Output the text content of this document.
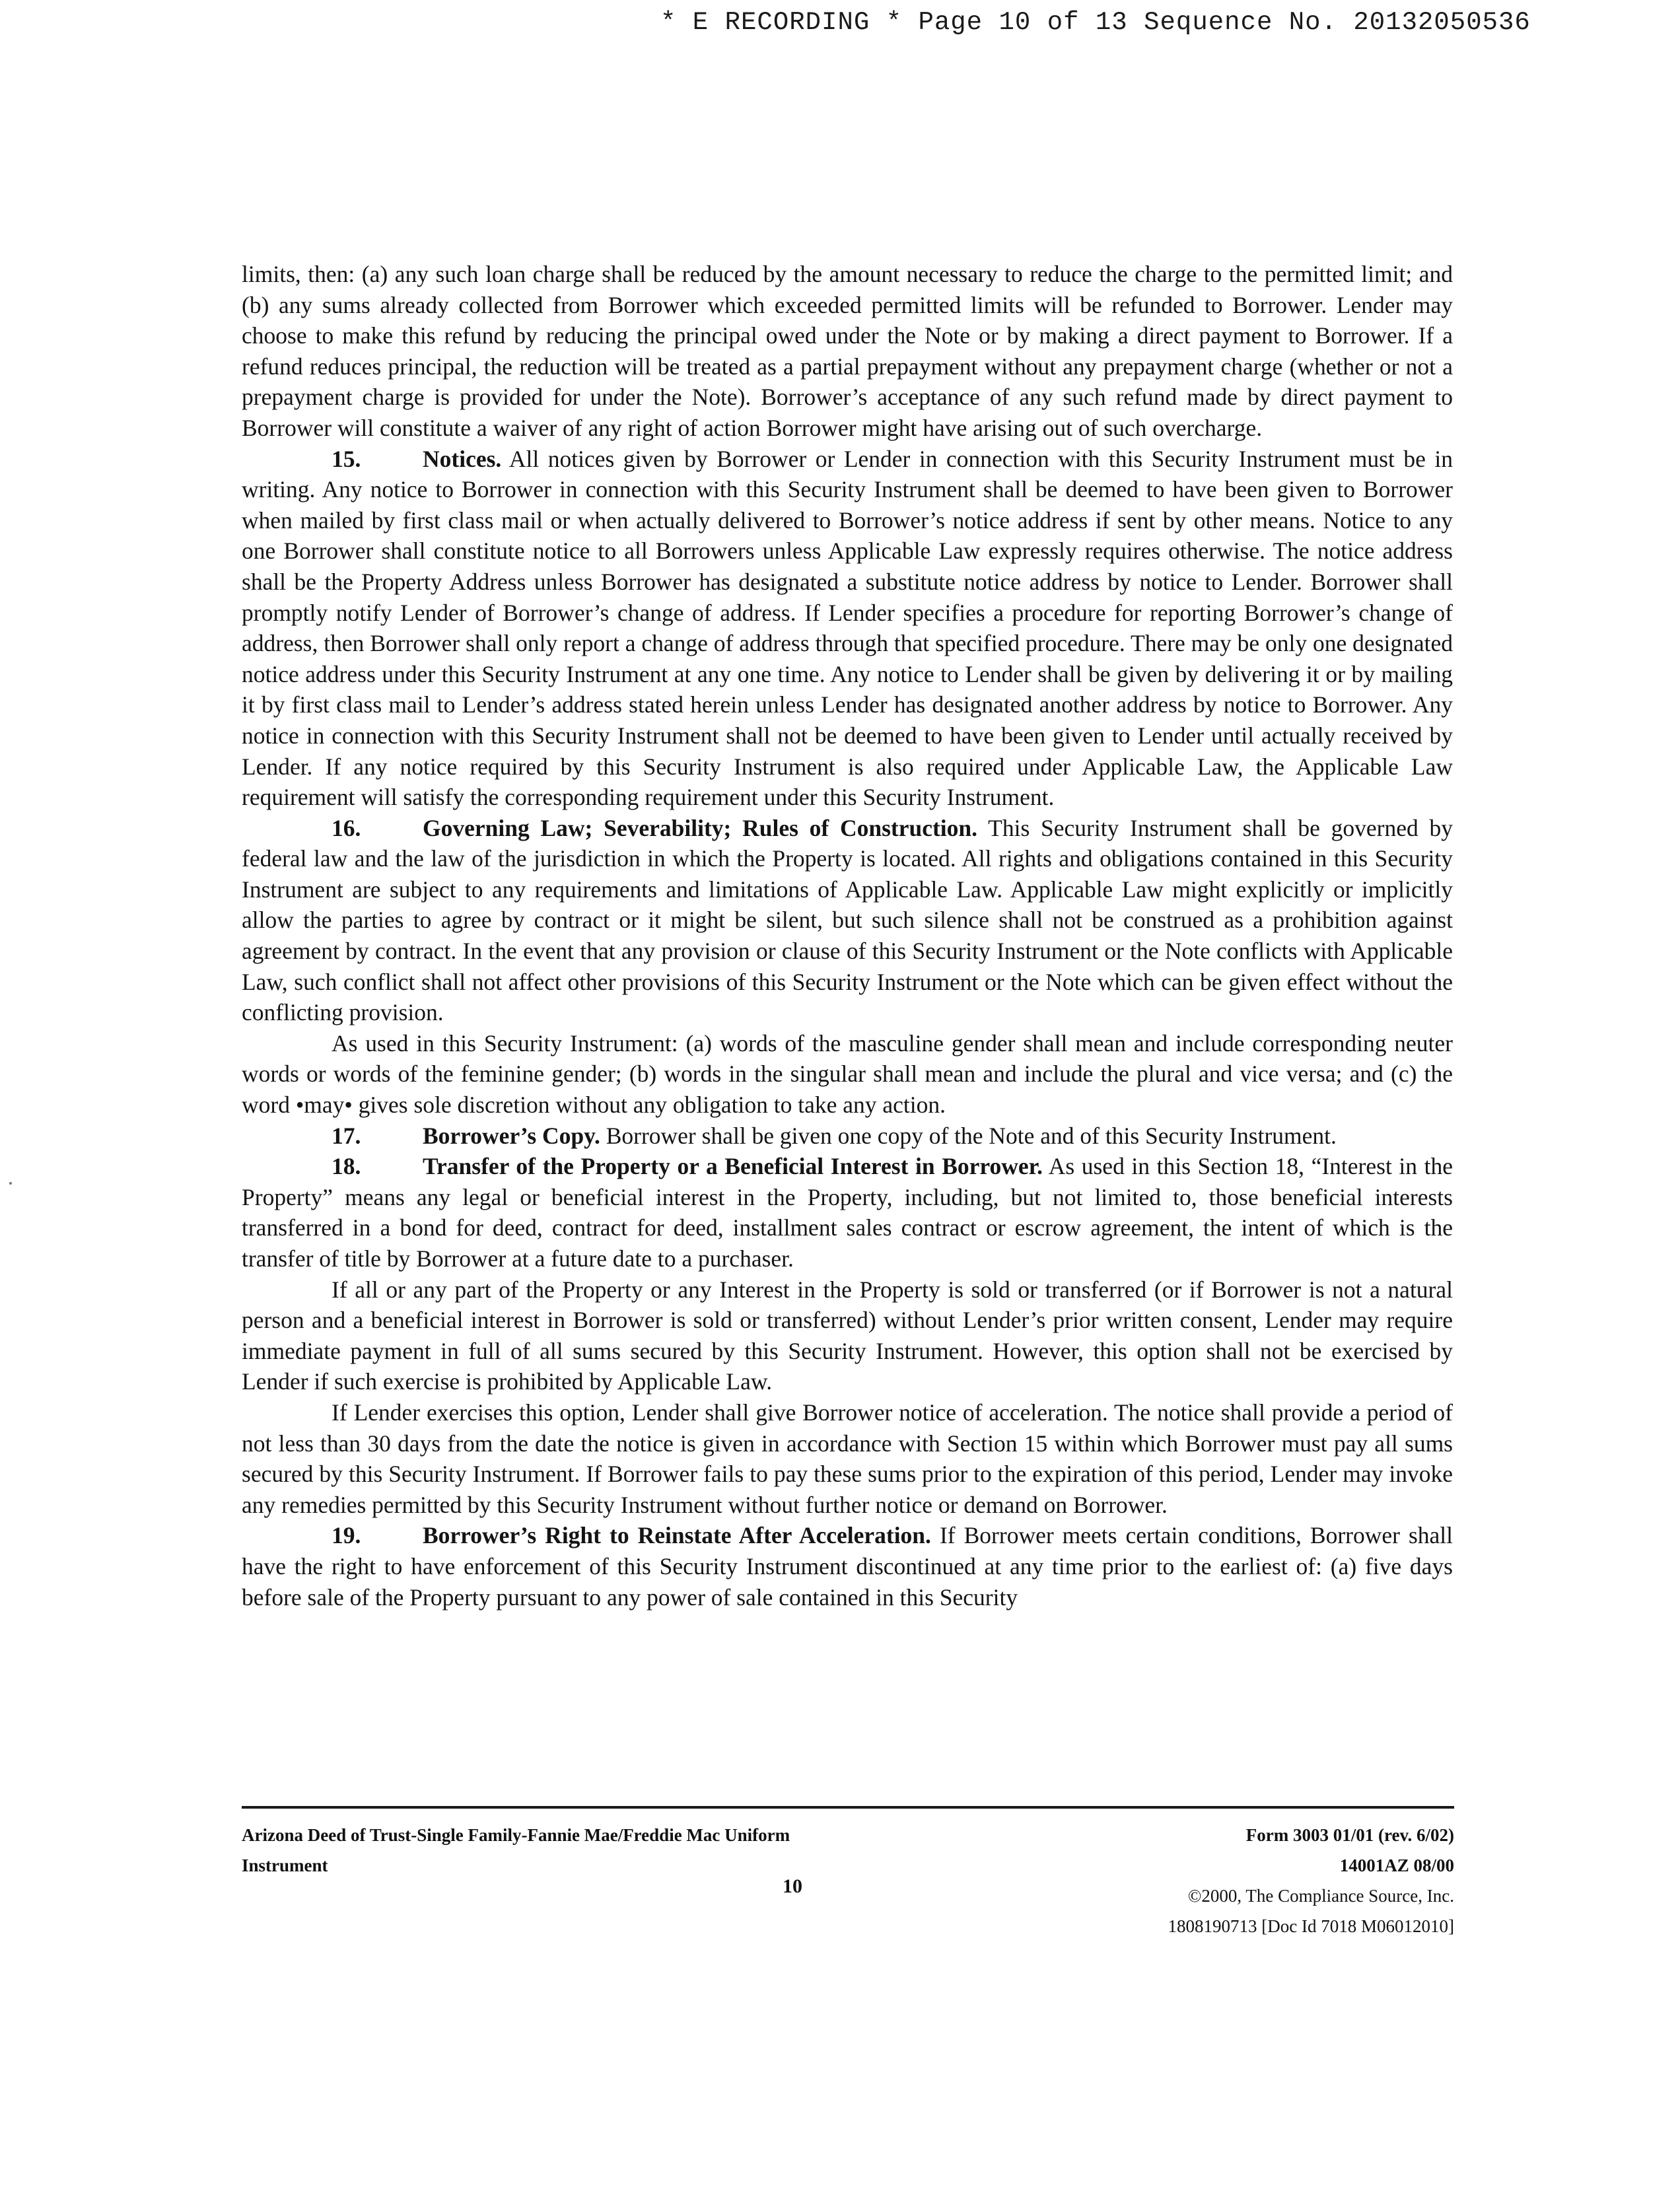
* E RECORDING * Page 10 of 13 Sequence No. 20132050536

limits, then: (a) any such loan charge shall be reduced by the amount necessary to reduce the charge to the permitted limit; and (b) any sums already collected from Borrower which exceeded permitted limits will be refunded to Borrower. Lender may choose to make this refund by reducing the principal owed under the Note or by making a direct payment to Borrower. If a refund reduces principal, the reduction will be treated as a partial prepayment without any prepayment charge (whether or not a prepayment charge is provided for under the Note). Borrower’s acceptance of any such refund made by direct payment to Borrower will constitute a waiver of any right of action Borrower might have arising out of such overcharge.

15.	Notices. All notices given by Borrower or Lender in connection with this Security Instrument must be in writing. Any notice to Borrower in connection with this Security Instrument shall be deemed to have been given to Borrower when mailed by first class mail or when actually delivered to Borrower’s notice address if sent by other means. Notice to any one Borrower shall constitute notice to all Borrowers unless Applicable Law expressly requires otherwise. The notice address shall be the Property Address unless Borrower has designated a substitute notice address by notice to Lender. Borrower shall promptly notify Lender of Borrower’s change of address. If Lender specifies a procedure for reporting Borrower’s change of address, then Borrower shall only report a change of address through that specified procedure. There may be only one designated notice address under this Security Instrument at any one time. Any notice to Lender shall be given by delivering it or by mailing it by first class mail to Lender’s address stated herein unless Lender has designated another address by notice to Borrower. Any notice in connection with this Security Instrument shall not be deemed to have been given to Lender until actually received by Lender. If any notice required by this Security Instrument is also required under Applicable Law, the Applicable Law requirement will satisfy the corresponding requirement under this Security Instrument.

16.	Governing Law; Severability; Rules of Construction. This Security Instrument shall be governed by federal law and the law of the jurisdiction in which the Property is located. All rights and obligations contained in this Security Instrument are subject to any requirements and limitations of Applicable Law. Applicable Law might explicitly or implicitly allow the parties to agree by contract or it might be silent, but such silence shall not be construed as a prohibition against agreement by contract. In the event that any provision or clause of this Security Instrument or the Note conflicts with Applicable Law, such conflict shall not affect other provisions of this Security Instrument or the Note which can be given effect without the conflicting provision.

As used in this Security Instrument: (a) words of the masculine gender shall mean and include corresponding neuter words or words of the feminine gender; (b) words in the singular shall mean and include the plural and vice versa; and (c) the word •may• gives sole discretion without any obligation to take any action.

17.	Borrower’s Copy. Borrower shall be given one copy of the Note and of this Security Instrument.

18.	Transfer of the Property or a Beneficial Interest in Borrower. As used in this Section 18, “Interest in the Property” means any legal or beneficial interest in the Property, including, but not limited to, those beneficial interests transferred in a bond for deed, contract for deed, installment sales contract or escrow agreement, the intent of which is the transfer of title by Borrower at a future date to a purchaser.

If all or any part of the Property or any Interest in the Property is sold or transferred (or if Borrower is not a natural person and a beneficial interest in Borrower is sold or transferred) without Lender’s prior written consent, Lender may require immediate payment in full of all sums secured by this Security Instrument. However, this option shall not be exercised by Lender if such exercise is prohibited by Applicable Law.

If Lender exercises this option, Lender shall give Borrower notice of acceleration. The notice shall provide a period of not less than 30 days from the date the notice is given in accordance with Section 15 within which Borrower must pay all sums secured by this Security Instrument. If Borrower fails to pay these sums prior to the expiration of this period, Lender may invoke any remedies permitted by this Security Instrument without further notice or demand on Borrower.

19.	Borrower’s Right to Reinstate After Acceleration. If Borrower meets certain conditions, Borrower shall have the right to have enforcement of this Security Instrument discontinued at any time prior to the earliest of: (a) five days before sale of the Property pursuant to any power of sale contained in this Security

Arizona Deed of Trust-Single Family-Fannie Mae/Freddie Mac Uniform
Instrument
10
Form 3003 01/01 (rev. 6/02)
14001AZ 08/00
©2000, The Compliance Source, Inc.
1808190713 [Doc Id 7018 M06012010]
